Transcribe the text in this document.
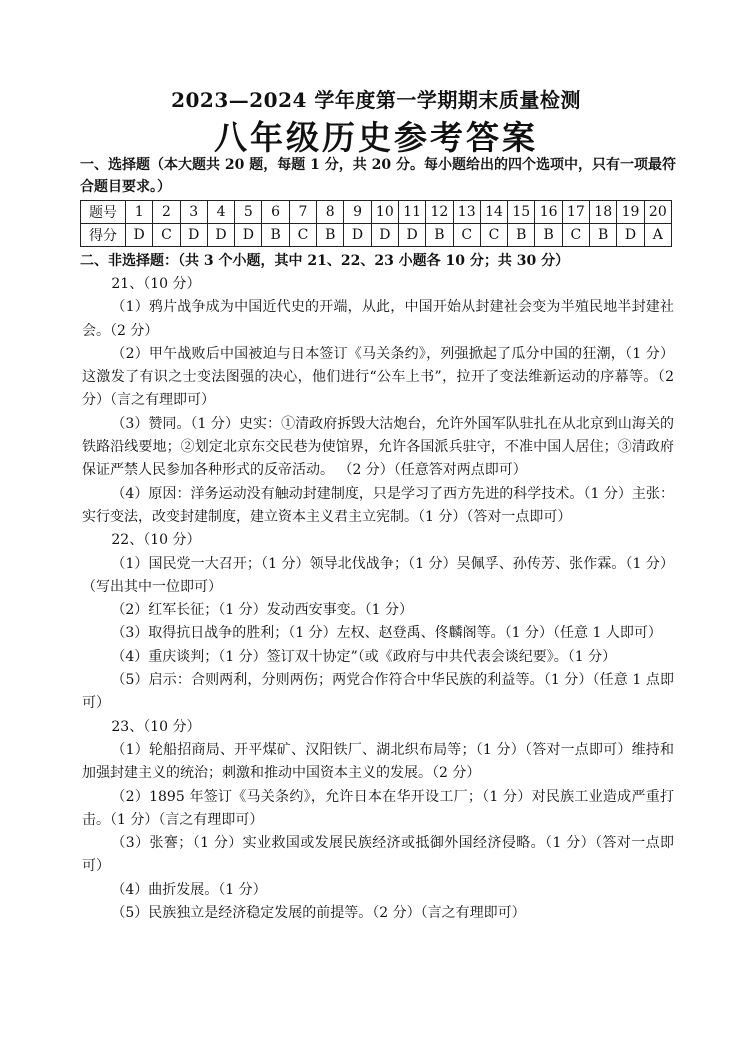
2023—2024 学年度第一学期期末质量检测
八年级历史参考答案
一、选择题（本大题共 20 题，每题 1 分，共 20 分。每小题给出的四个选项中，只有一项最符合题目要求。）
题号	1	2	3	4	5	6	7	8	9	10	11	12	13	14	15	16	17	18	19	20
得分	D	C	D	D	D	B	C	B	D	D	D	B	C	C	B	B	C	B	D	A
二、非选择题：（共 3 个小题，其中 21、22、23 小题各 10 分；共 30 分）

21、（10 分）

（1）鸦片战争成为中国近代史的开端，从此，中国开始从封建社会变为半殖民地半封建社会。（2 分）

（2）甲午战败后中国被迫与日本签订《马关条约》，列强掀起了瓜分中国的狂潮，（1 分）这激发了有识之士变法图强的决心，他们进行“公车上书”，拉开了变法维新运动的序幕等。（2 分）（言之有理即可）

（3）赞同。（1 分）史实：①清政府拆毁大沽炮台，允许外国军队驻扎在从北京到山海关的铁路沿线要地；②划定北京东交民巷为使馆界，允许各国派兵驻守，不准中国人居住；③清政府保证严禁人民参加各种形式的反帝活动。 （2 分）（任意答对两点即可）

（4）原因：洋务运动没有触动封建制度，只是学习了西方先进的科学技术。（1 分）主张：实行变法，改变封建制度，建立资本主义君主立宪制。（1 分）（答对一点即可）

22、（10 分）

（1）国民党一大召开；（1 分）领导北伐战争；（1 分）吴佩孚、孙传芳、张作霖。（1 分）（写出其中一位即可）

（2）红军长征；（1 分）发动西安事变。（1 分）

（3）取得抗日战争的胜利；（1 分）左权、赵登禹、佟麟阁等。（1 分）（任意 1 人即可）

（4）重庆谈判；（1 分）签订双十协定”（或《政府与中共代表会谈纪要》。（1 分）

（5）启示：合则两利，分则两伤；两党合作符合中华民族的利益等。（1 分）（任意 1 点即可）

23、（10 分）

（1）轮船招商局、开平煤矿、汉阳铁厂、湖北织布局等；（1 分）（答对一点即可）维持和加强封建主义的统治；刺激和推动中国资本主义的发展。（2 分）

（2）1895 年签订《马关条约》，允许日本在华开设工厂；（1 分）对民族工业造成严重打击。（1 分）（言之有理即可）

（3）张謇；（1 分）实业救国或发展民族经济或抵御外国经济侵略。（1 分）（答对一点即可）

（4）曲折发展。（1 分）

（5）民族独立是经济稳定发展的前提等。（2 分）（言之有理即可）
